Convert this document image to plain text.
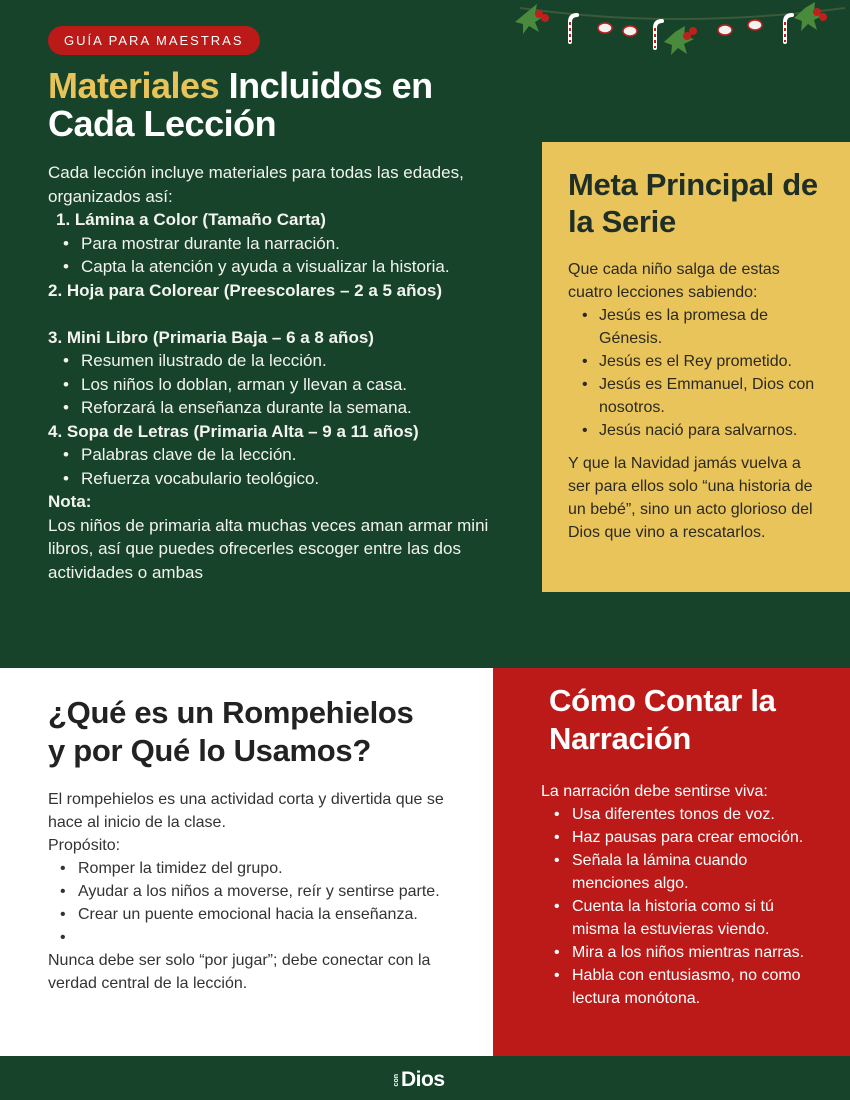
GUÍA PARA MAESTRAS
Materiales Incluidos en Cada Lección

Cada lección incluye materiales para todas las edades, organizados así:

1. Lámina a Color (Tamaño Carta)

• Para mostrar durante la narración.
• Capta la atención y ayuda a visualizar la historia.

2. Hoja para Colorear (Preescolares – 2 a 5 años)

3. Mini Libro (Primaria Baja – 6 a 8 años)

• Resumen ilustrado de la lección.
• Los niños lo doblan, arman y llevan a casa.
• Reforzará la enseñanza durante la semana.

4. Sopa de Letras (Primaria Alta – 9 a 11 años)

• Palabras clave de la lección.
• Refuerza vocabulario teológico.

Nota:

Los niños de primaria alta muchas veces aman armar mini libros, así que puedes ofrecerles escoger entre las dos actividades o ambas

Meta Principal de la Serie

Que cada niño salga de estas cuatro lecciones sabiendo:

• Jesús es la promesa de Génesis.
• Jesús es el Rey prometido.
• Jesús es Emmanuel, Dios con nosotros.
• Jesús nació para salvarnos.

Y que la Navidad jamás vuelva a ser para ellos solo “una historia de un bebé”, sino un acto glorioso del Dios que vino a rescatarlos.

¿Qué es un Rompehielos y por Qué lo Usamos?

El rompehielos es una actividad corta y divertida que se hace al inicio de la clase.

Propósito:

• Romper la timidez del grupo.
• Ayudar a los niños a moverse, reír y sentirse parte.
• Crear un puente emocional hacia la enseñanza.
•

Nunca debe ser solo “por jugar”; debe conectar con la verdad central de la lección.

Cómo Contar la Narración

La narración debe sentirse viva:

• Usa diferentes tonos de voz.
• Haz pausas para crear emoción.
• Señala la lámina cuando menciones algo.
• Cuenta la historia como si tú misma la estuvieras viendo.
• Mira a los niños mientras narras.
• Habla con entusiasmo, no como lectura monótona.
con Dios
